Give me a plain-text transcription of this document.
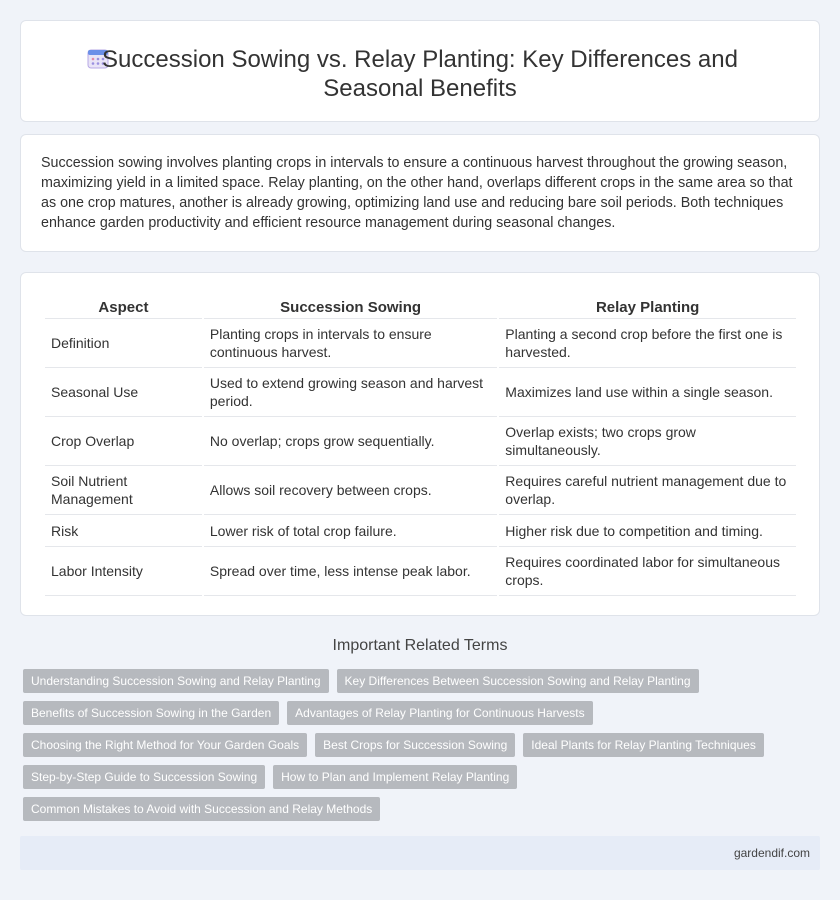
Succession Sowing vs. Relay Planting: Key Differences and Seasonal Benefits

Succession sowing involves planting crops in intervals to ensure a continuous harvest throughout the growing season, maximizing yield in a limited space. Relay planting, on the other hand, overlaps different crops in the same area so that as one crop matures, another is already growing, optimizing land use and reducing bare soil periods. Both techniques enhance garden productivity and efficient resource management during seasonal changes.

Aspect	Succession Sowing	Relay Planting
Definition	Planting crops in intervals to ensure continuous harvest.	Planting a second crop before the first one is harvested.
Seasonal Use	Used to extend growing season and harvest period.	Maximizes land use within a single season.
Crop Overlap	No overlap; crops grow sequentially.	Overlap exists; two crops grow simultaneously.
Soil Nutrient Management	Allows soil recovery between crops.	Requires careful nutrient management due to overlap.
Risk	Lower risk of total crop failure.	Higher risk due to competition and timing.
Labor Intensity	Spread over time, less intense peak labor.	Requires coordinated labor for simultaneous crops.
Important Related Terms
Understanding Succession Sowing and Relay Planting	Key Differences Between Succession Sowing and Relay Planting
Benefits of Succession Sowing in the Garden	Advantages of Relay Planting for Continuous Harvests
Choosing the Right Method for Your Garden Goals	Best Crops for Succession Sowing	Ideal Plants for Relay Planting Techniques
Step-by-Step Guide to Succession Sowing	How to Plan and Implement Relay Planting
Common Mistakes to Avoid with Succession and Relay Methods
gardendif.com
